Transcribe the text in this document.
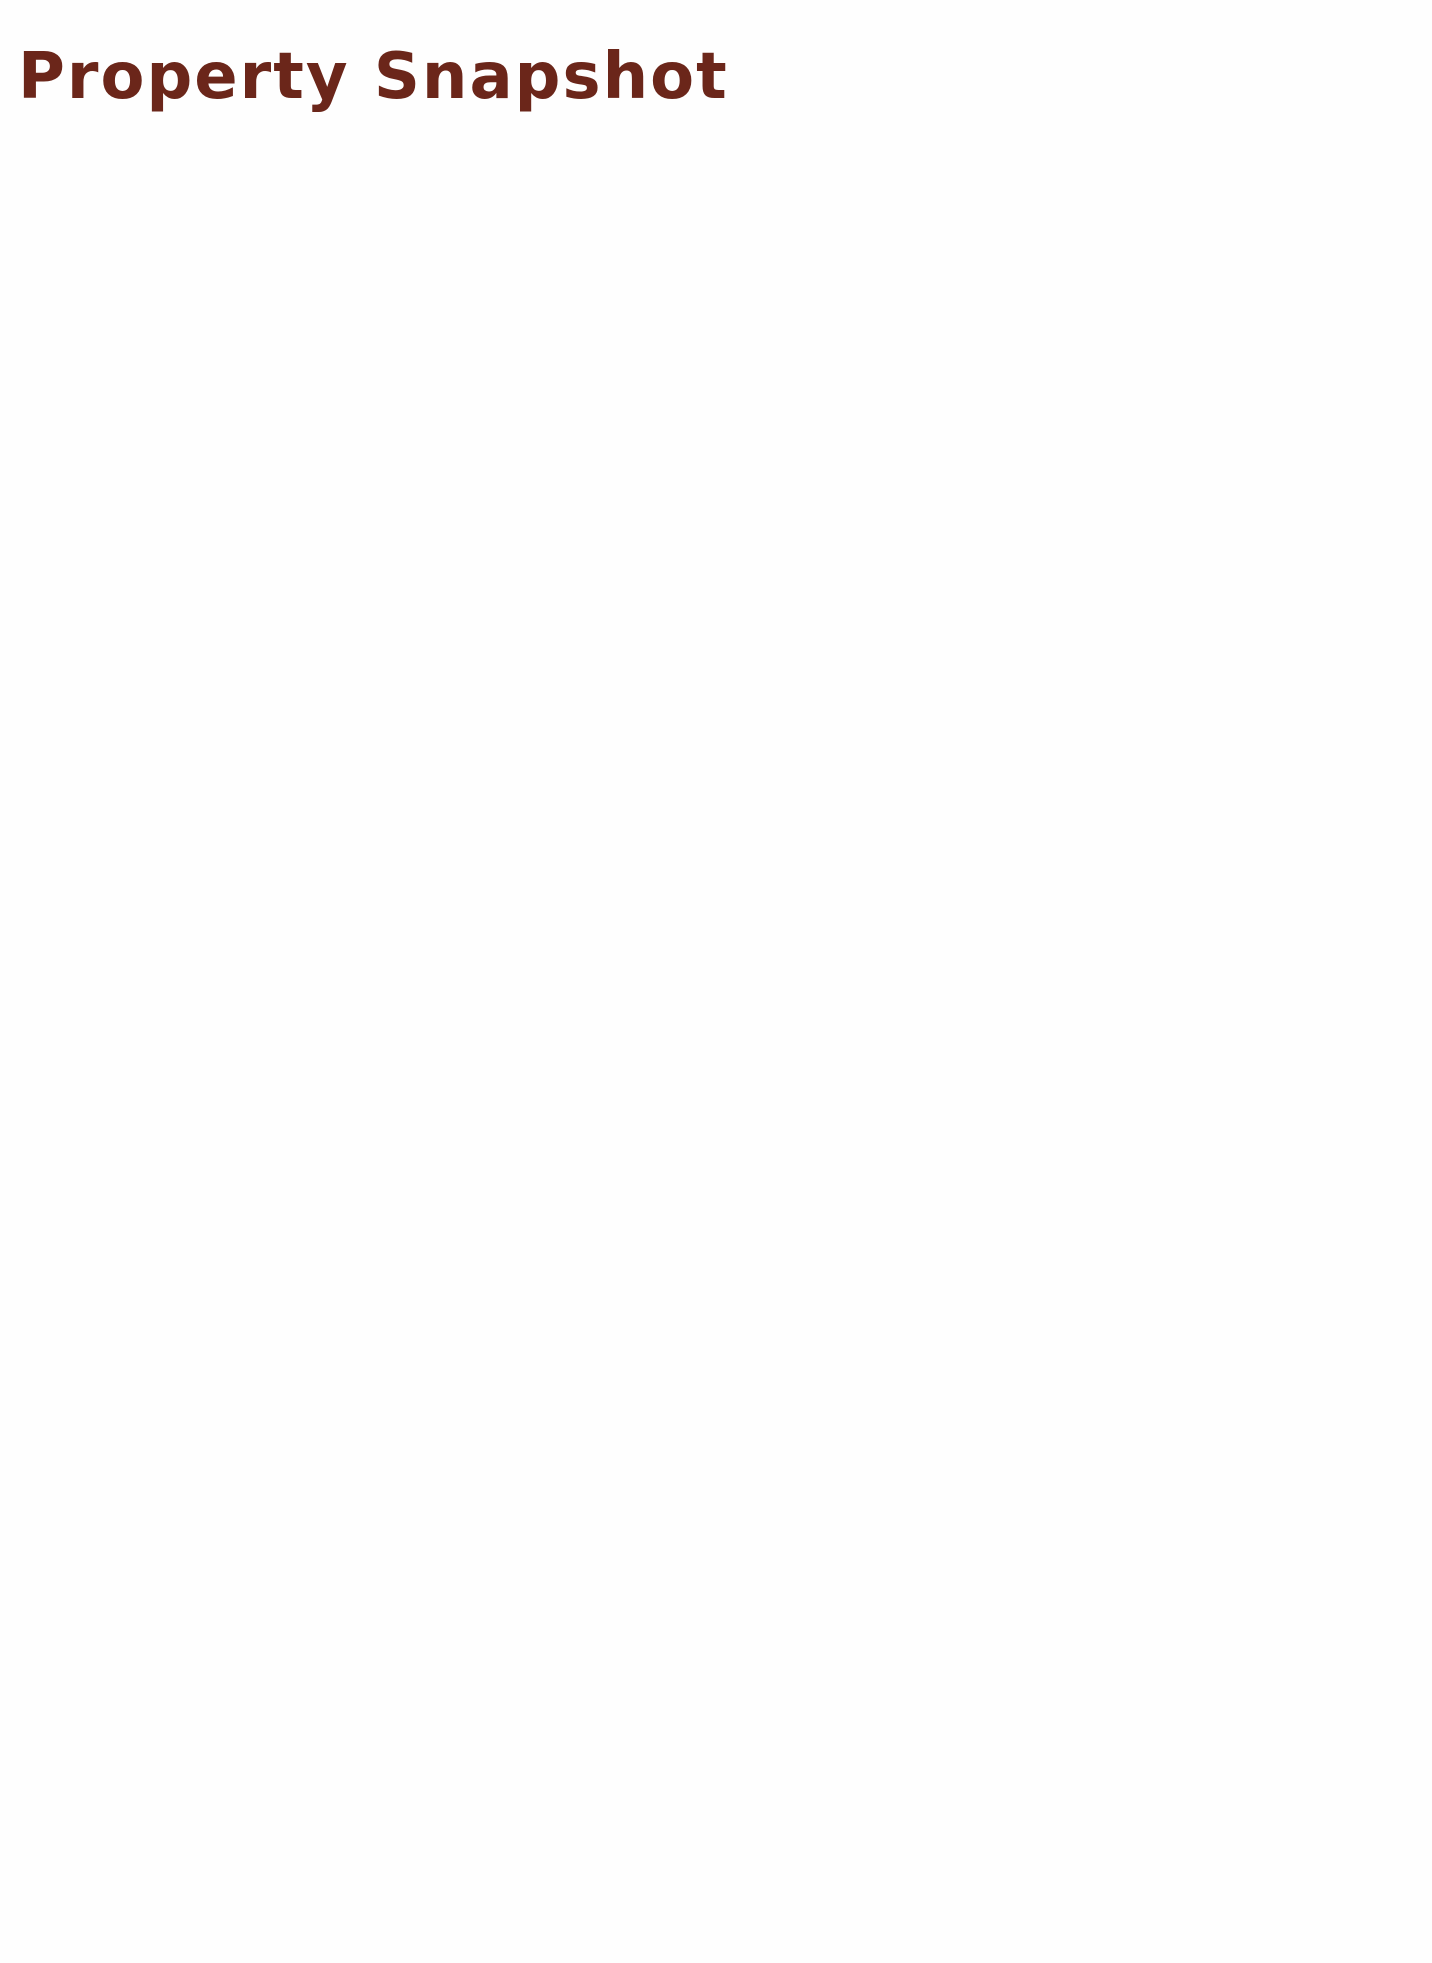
Property Snapshot
